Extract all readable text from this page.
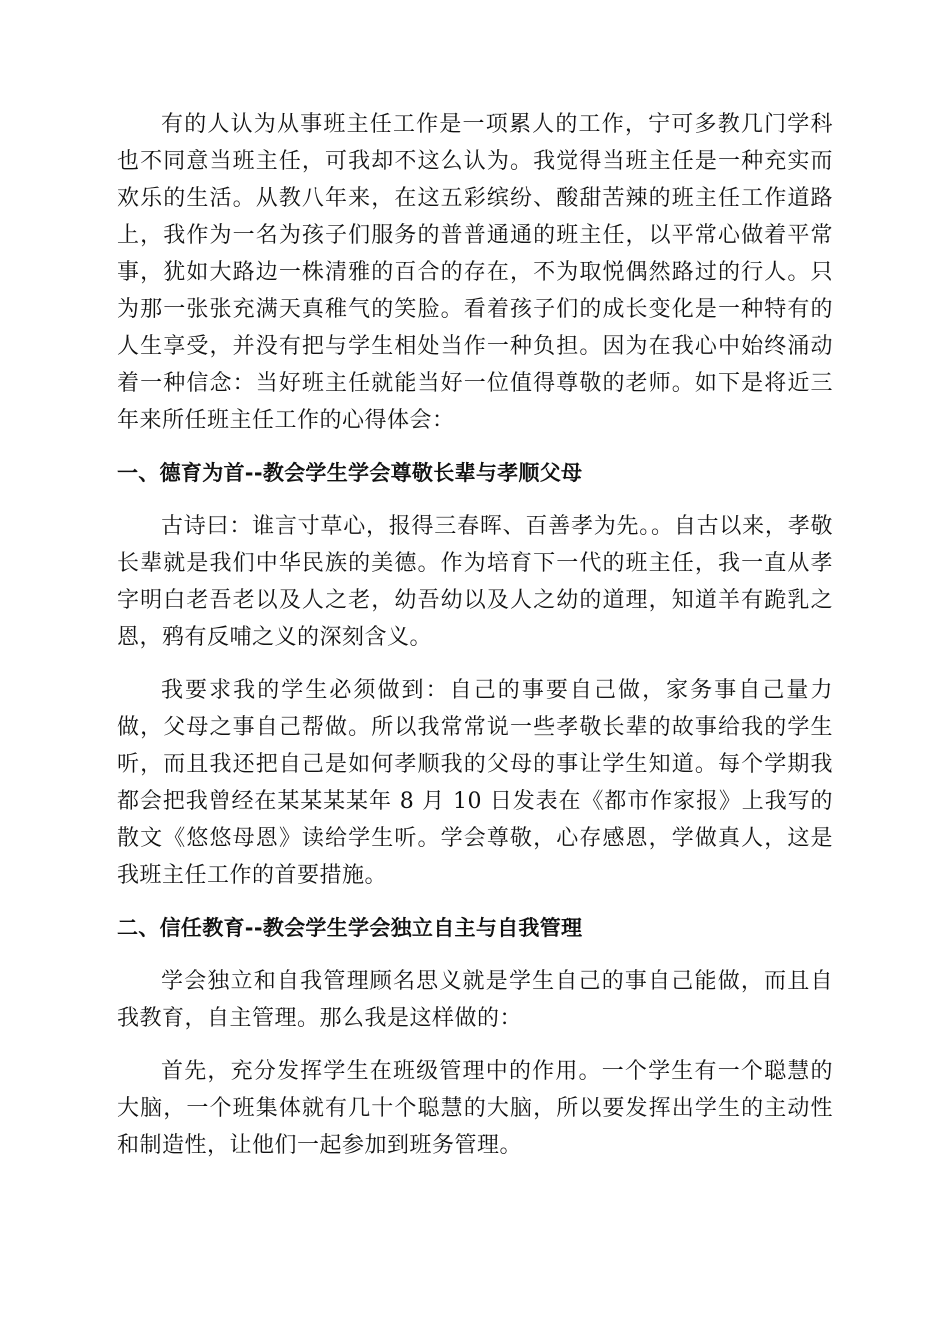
有的人认为从事班主任工作是一项累人的工作，宁可多教几门学科也不同意当班主任，可我却不这么认为。我觉得当班主任是一种充实而欢乐的生活。从教八年来，在这五彩缤纷、酸甜苦辣的班主任工作道路上，我作为一名为孩子们服务的普普通通的班主任，以平常心做着平常事，犹如大路边一株清雅的百合的存在，不为取悦偶然路过的行人。只为那一张张充满天真稚气的笑脸。看着孩子们的成长变化是一种特有的人生享受，并没有把与学生相处当作一种负担。因为在我心中始终涌动着一种信念：当好班主任就能当好一位值得尊敬的老师。如下是将近三年来所任班主任工作的心得体会：

一、德育为首--教会学生学会尊敬长辈与孝顺父母

古诗曰：谁言寸草心，报得三春晖、百善孝为先。。自古以来，孝敬长辈就是我们中华民族的美德。作为培育下一代的班主任，我一直从孝字明白老吾老以及人之老，幼吾幼以及人之幼的道理，知道羊有跪乳之恩，鸦有反哺之义的深刻含义。

我要求我的学生必须做到：自己的事要自己做，家务事自己量力做，父母之事自己帮做。所以我常常说一些孝敬长辈的故事给我的学生听，而且我还把自己是如何孝顺我的父母的事让学生知道。每个学期我都会把我曾经在某某某某年 8 月 10 日发表在《都市作家报》上我写的散文《悠悠母恩》读给学生听。学会尊敬，心存感恩，学做真人，这是我班主任工作的首要措施。

二、信任教育--教会学生学会独立自主与自我管理

学会独立和自我管理顾名思义就是学生自己的事自己能做，而且自我教育，自主管理。那么我是这样做的：

首先，充分发挥学生在班级管理中的作用。一个学生有一个聪慧的大脑，一个班集体就有几十个聪慧的大脑，所以要发挥出学生的主动性和制造性，让他们一起参加到班务管理。
